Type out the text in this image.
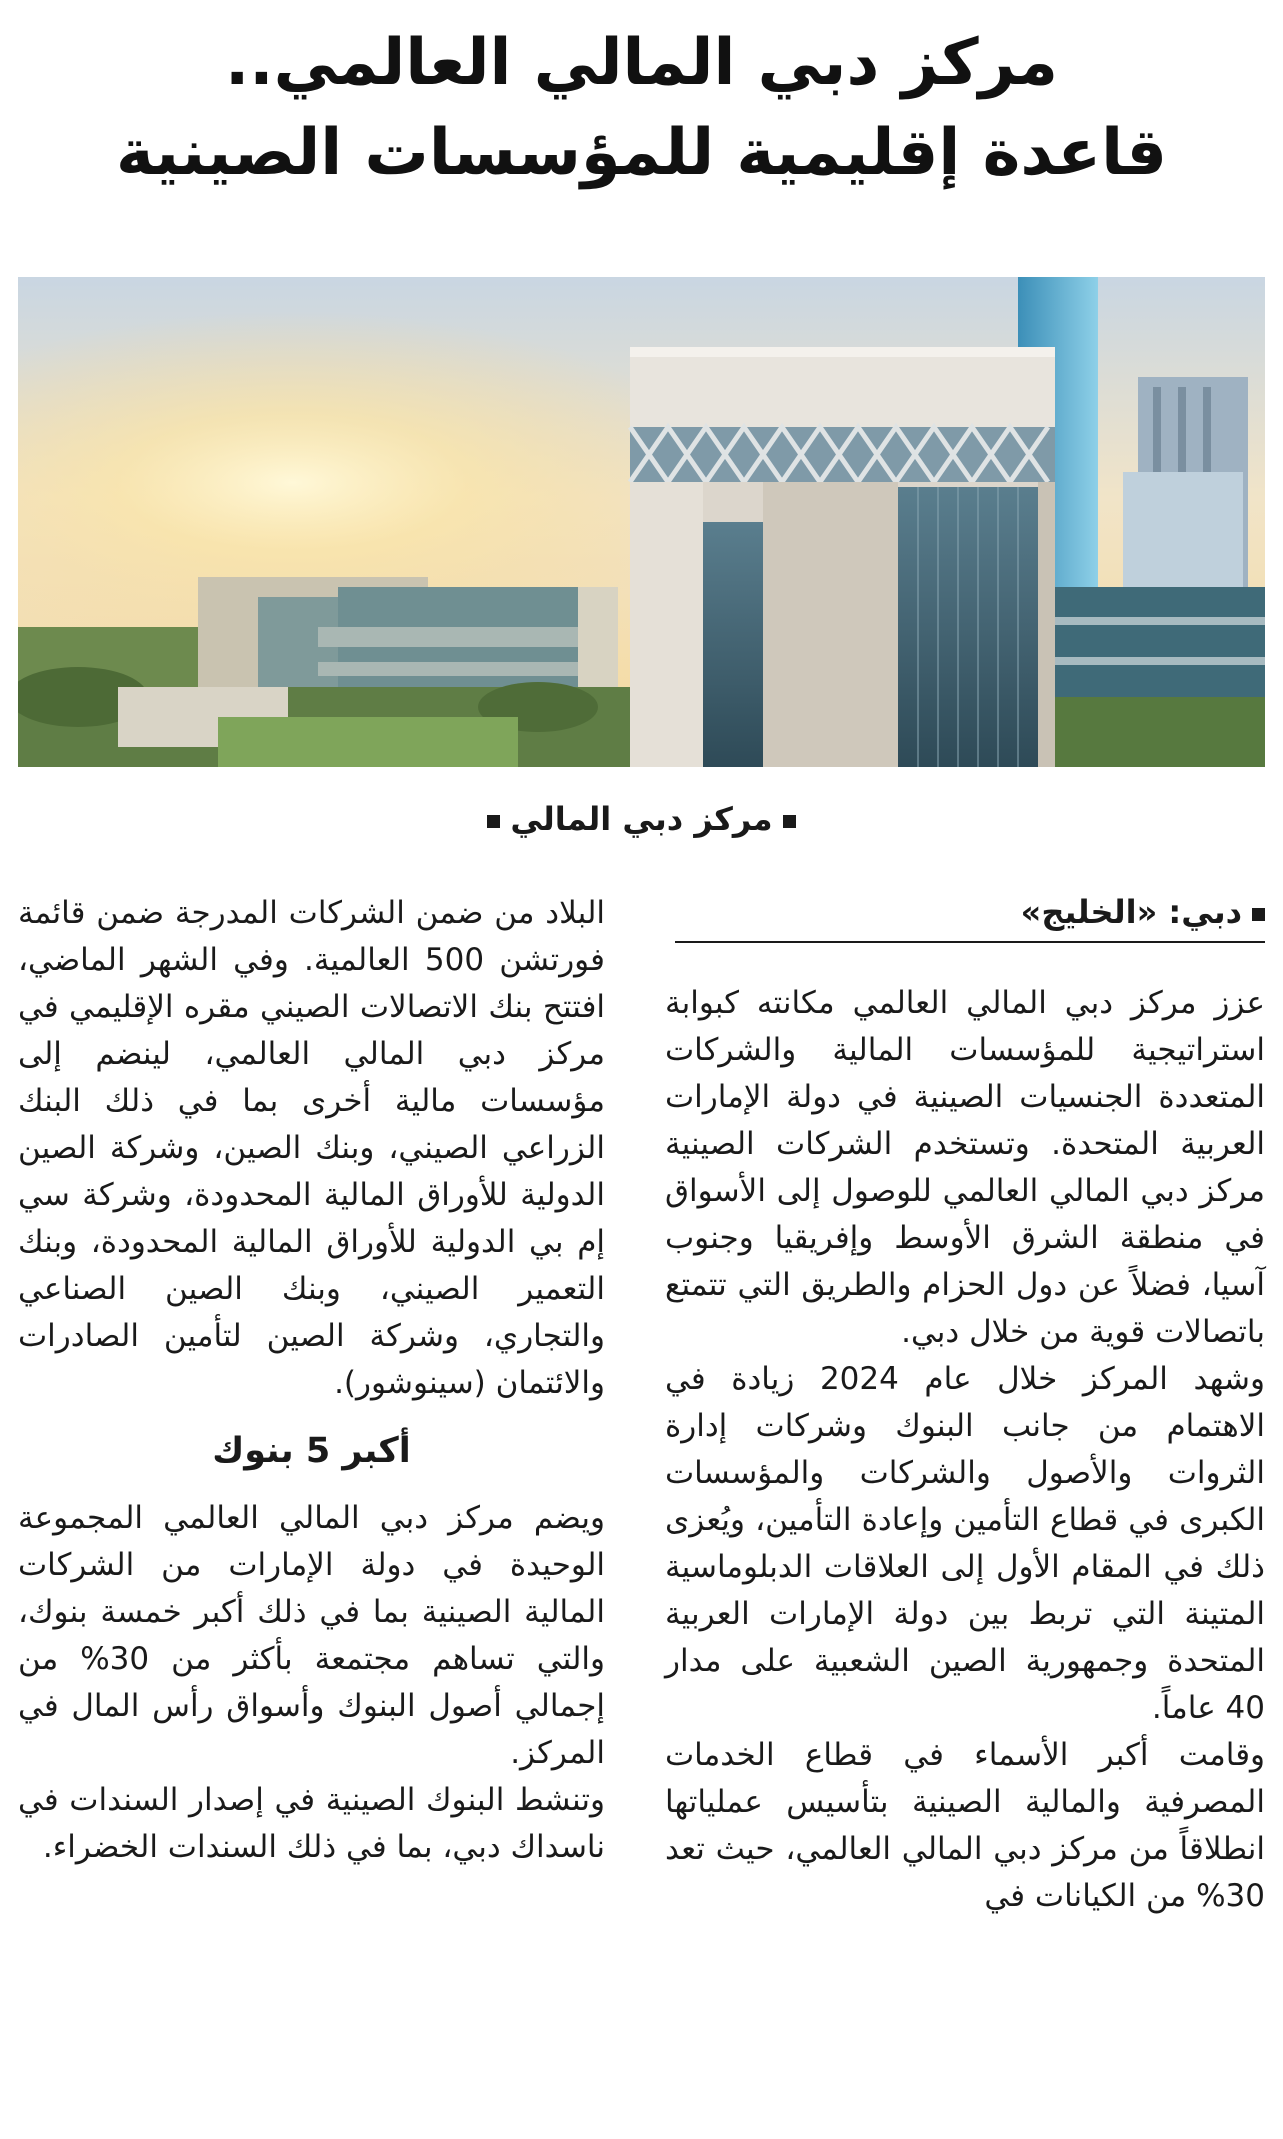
مركز دبي المالي العالمي..
قاعدة إقليمية للمؤسسات الصينية
مركز دبي المالي
دبي: «الخليج»

عزز مركز دبي المالي العالمي مكانته كبوابة استراتيجية للمؤسسات المالية والشركات المتعددة الجنسيات الصينية في دولة الإمارات العربية المتحدة. وتستخدم الشركات الصينية مركز دبي المالي العالمي للوصول إلى الأسواق في منطقة الشرق الأوسط وإفريقيا وجنوب آسيا، فضلاً عن دول الحزام والطريق التي تتمتع باتصالات قوية من خلال دبي.

وشهد المركز خلال عام 2024 زيادة في الاهتمام من جانب البنوك وشركات إدارة الثروات والأصول والشركات والمؤسسات الكبرى في قطاع التأمين وإعادة التأمين، ويُعزى ذلك في المقام الأول إلى العلاقات الدبلوماسية المتينة التي تربط بين دولة الإمارات العربية المتحدة وجمهورية الصين الشعبية على مدار 40 عاماً.

وقامت أكبر الأسماء في قطاع الخدمات المصرفية والمالية الصينية بتأسيس عملياتها انطلاقاً من مركز دبي المالي العالمي، حيث تعد 30% من الكيانات في

البلاد من ضمن الشركات المدرجة ضمن قائمة فورتشن 500 العالمية. وفي الشهر الماضي، افتتح بنك الاتصالات الصيني مقره الإقليمي في مركز دبي المالي العالمي، لينضم إلى مؤسسات مالية أخرى بما في ذلك البنك الزراعي الصيني، وبنك الصين، وشركة الصين الدولية للأوراق المالية المحدودة، وشركة سي إم بي الدولية للأوراق المالية المحدودة، وبنك التعمير الصيني، وبنك الصين الصناعي والتجاري، وشركة الصين لتأمين الصادرات والائتمان (سينوشور).

أكبر 5 بنوك

ويضم مركز دبي المالي العالمي المجموعة الوحيدة في دولة الإمارات من الشركات المالية الصينية بما في ذلك أكبر خمسة بنوك، والتي تساهم مجتمعة بأكثر من 30% من إجمالي أصول البنوك وأسواق رأس المال في المركز.

وتنشط البنوك الصينية في إصدار السندات في ناسداك دبي، بما في ذلك السندات الخضراء.
